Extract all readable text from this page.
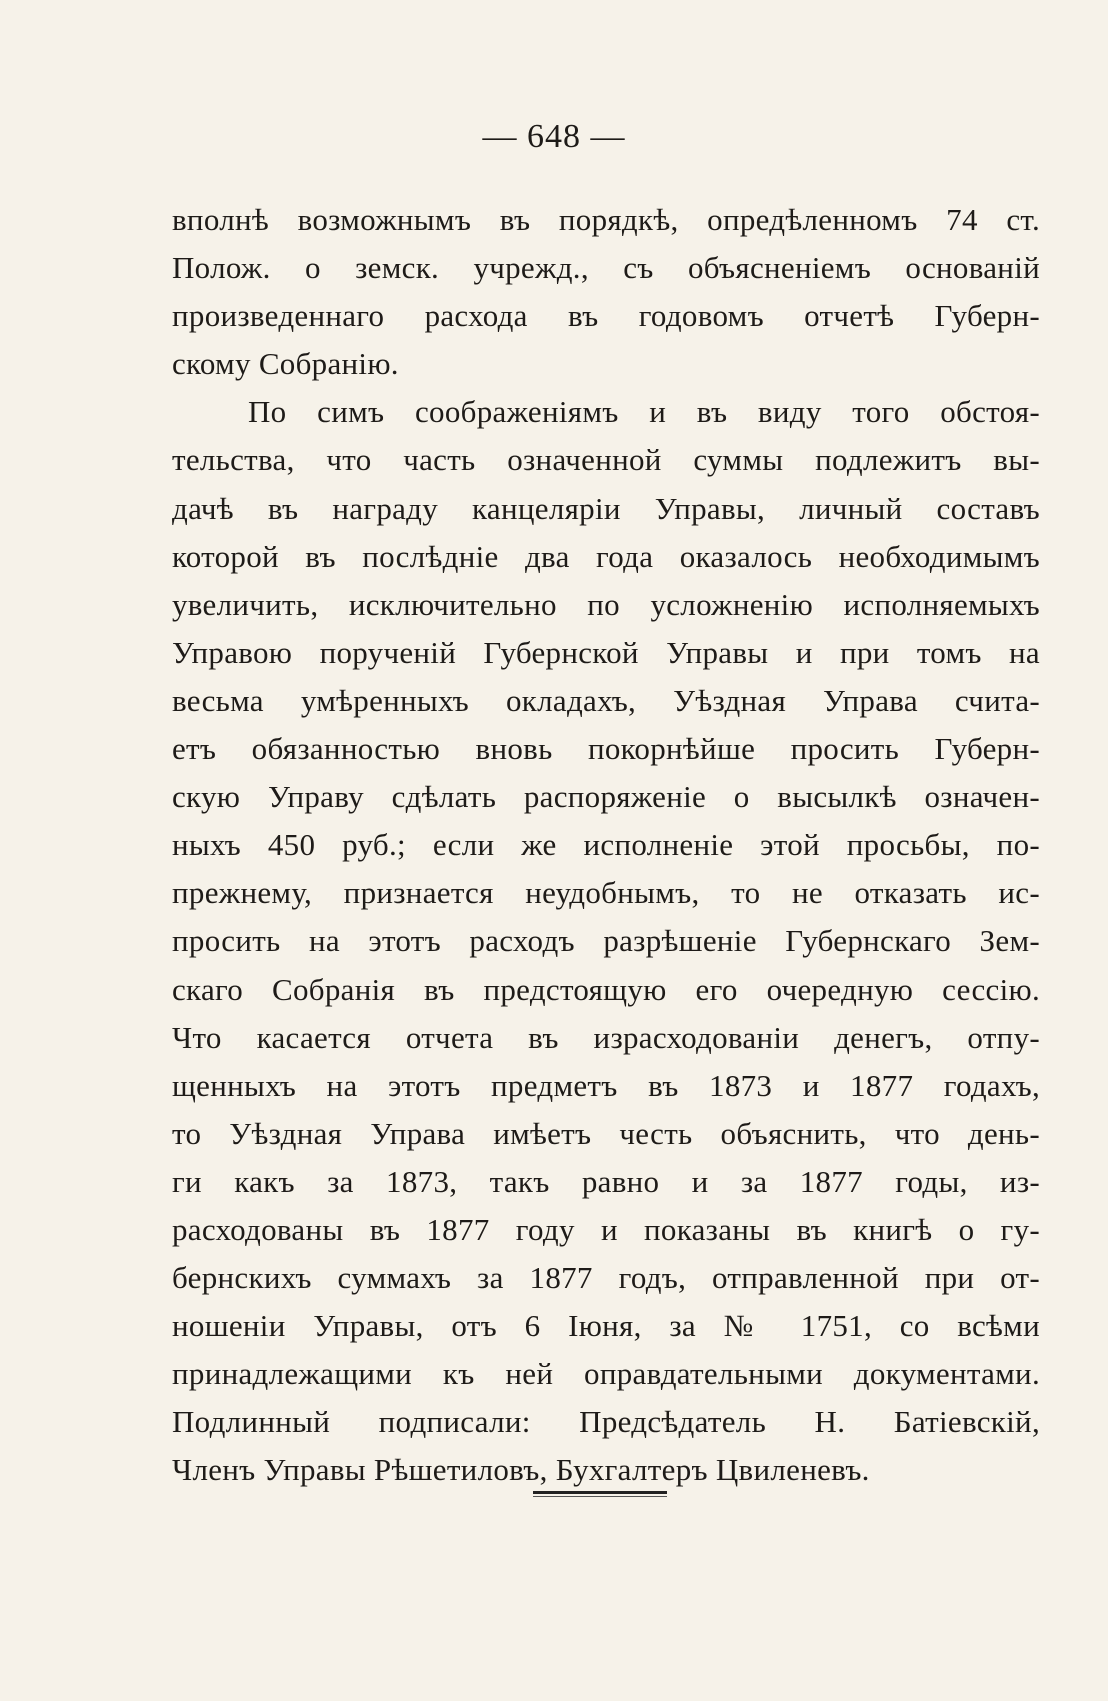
— 648 —
вполнѣ возможнымъ въ порядкѣ, опредѣленномъ 74 ст.
Полож. о земск. учрежд., съ объясненіемъ основаній
произведеннаго расхода въ годовомъ отчетѣ Губерн-
скому Собранію.
По симъ соображеніямъ и въ виду того обстоя-
тельства, что часть означенной суммы подлежитъ вы-
дачѣ въ награду канцеляріи Управы, личный составъ
которой въ послѣдніе два года оказалось необходимымъ
увеличить, исключительно по усложненію исполняемыхъ
Управою порученій Губернской Управы и при томъ на
весьма умѣренныхъ окладахъ, Уѣздная Управа счита-
етъ обязанностью вновь покорнѣйше просить Губерн-
скую Управу сдѣлать распоряженіе о высылкѣ означен-
ныхъ 450 руб.; если же исполненіе этой просьбы, по-
прежнему, признается неудобнымъ, то не отказать ис-
просить на этотъ расходъ разрѣшеніе Губернскаго Зем-
скаго Собранія въ предстоящую его очередную сессію.
Что касается отчета въ израсходованіи денегъ, отпу-
щенныхъ на этотъ предметъ въ 1873 и 1877 годахъ,
то Уѣздная Управа имѣетъ честь объяснить, что день-
ги какъ за 1873, такъ равно и за 1877 годы, из-
расходованы въ 1877 году и показаны въ книгѣ о гу-
бернскихъ суммахъ за 1877 годъ, отправленной при от-
ношеніи Управы, отъ 6 Іюня, за № 1751, со всѣми
принадлежащими къ ней оправдательными документами.
Подлинный подписали: Предсѣдатель Н. Батіевскій,
Членъ Управы Рѣшетиловъ, Бухгалтеръ Цвиленевъ.
